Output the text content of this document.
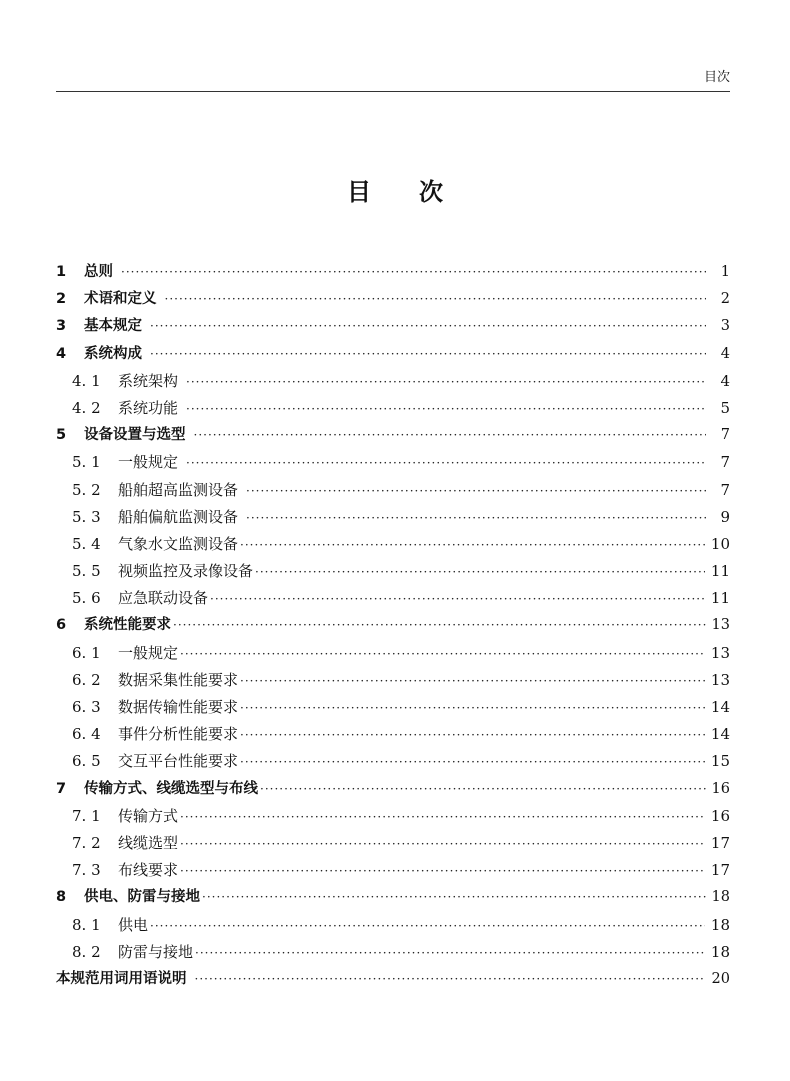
目次
目次
1	总则 ·····	1
2	术语和定义 ·····	2
3	基本规定 ·····	3
4	系统构成 ·····	4
4. 1	系统架构 ·····	4
4. 2	系统功能 ·····	5
5	设备设置与选型 ·····	7
5. 1	一般规定 ·····	7
5. 2	船舶超高监测设备 ·····	7
5. 3	船舶偏航监测设备 ·····	9
5. 4	气象水文监测设备 ·····	10
5. 5	视频监控及录像设备 ·····	11
5. 6	应急联动设备 ·····	11
6	系统性能要求 ·····	13
6. 1	一般规定 ·····	13
6. 2	数据采集性能要求 ·····	13
6. 3	数据传输性能要求 ·····	14
6. 4	事件分析性能要求 ·····	14
6. 5	交互平台性能要求 ·····	15
7	传输方式、线缆选型与布线 ·····	16
7. 1	传输方式 ·····	16
7. 2	线缆选型 ·····	17
7. 3	布线要求 ·····	17
8	供电、防雷与接地 ·····	18
8. 1	供电 ·····	18
8. 2	防雷与接地 ·····	18
本规范用词用语说明 ·····	20
